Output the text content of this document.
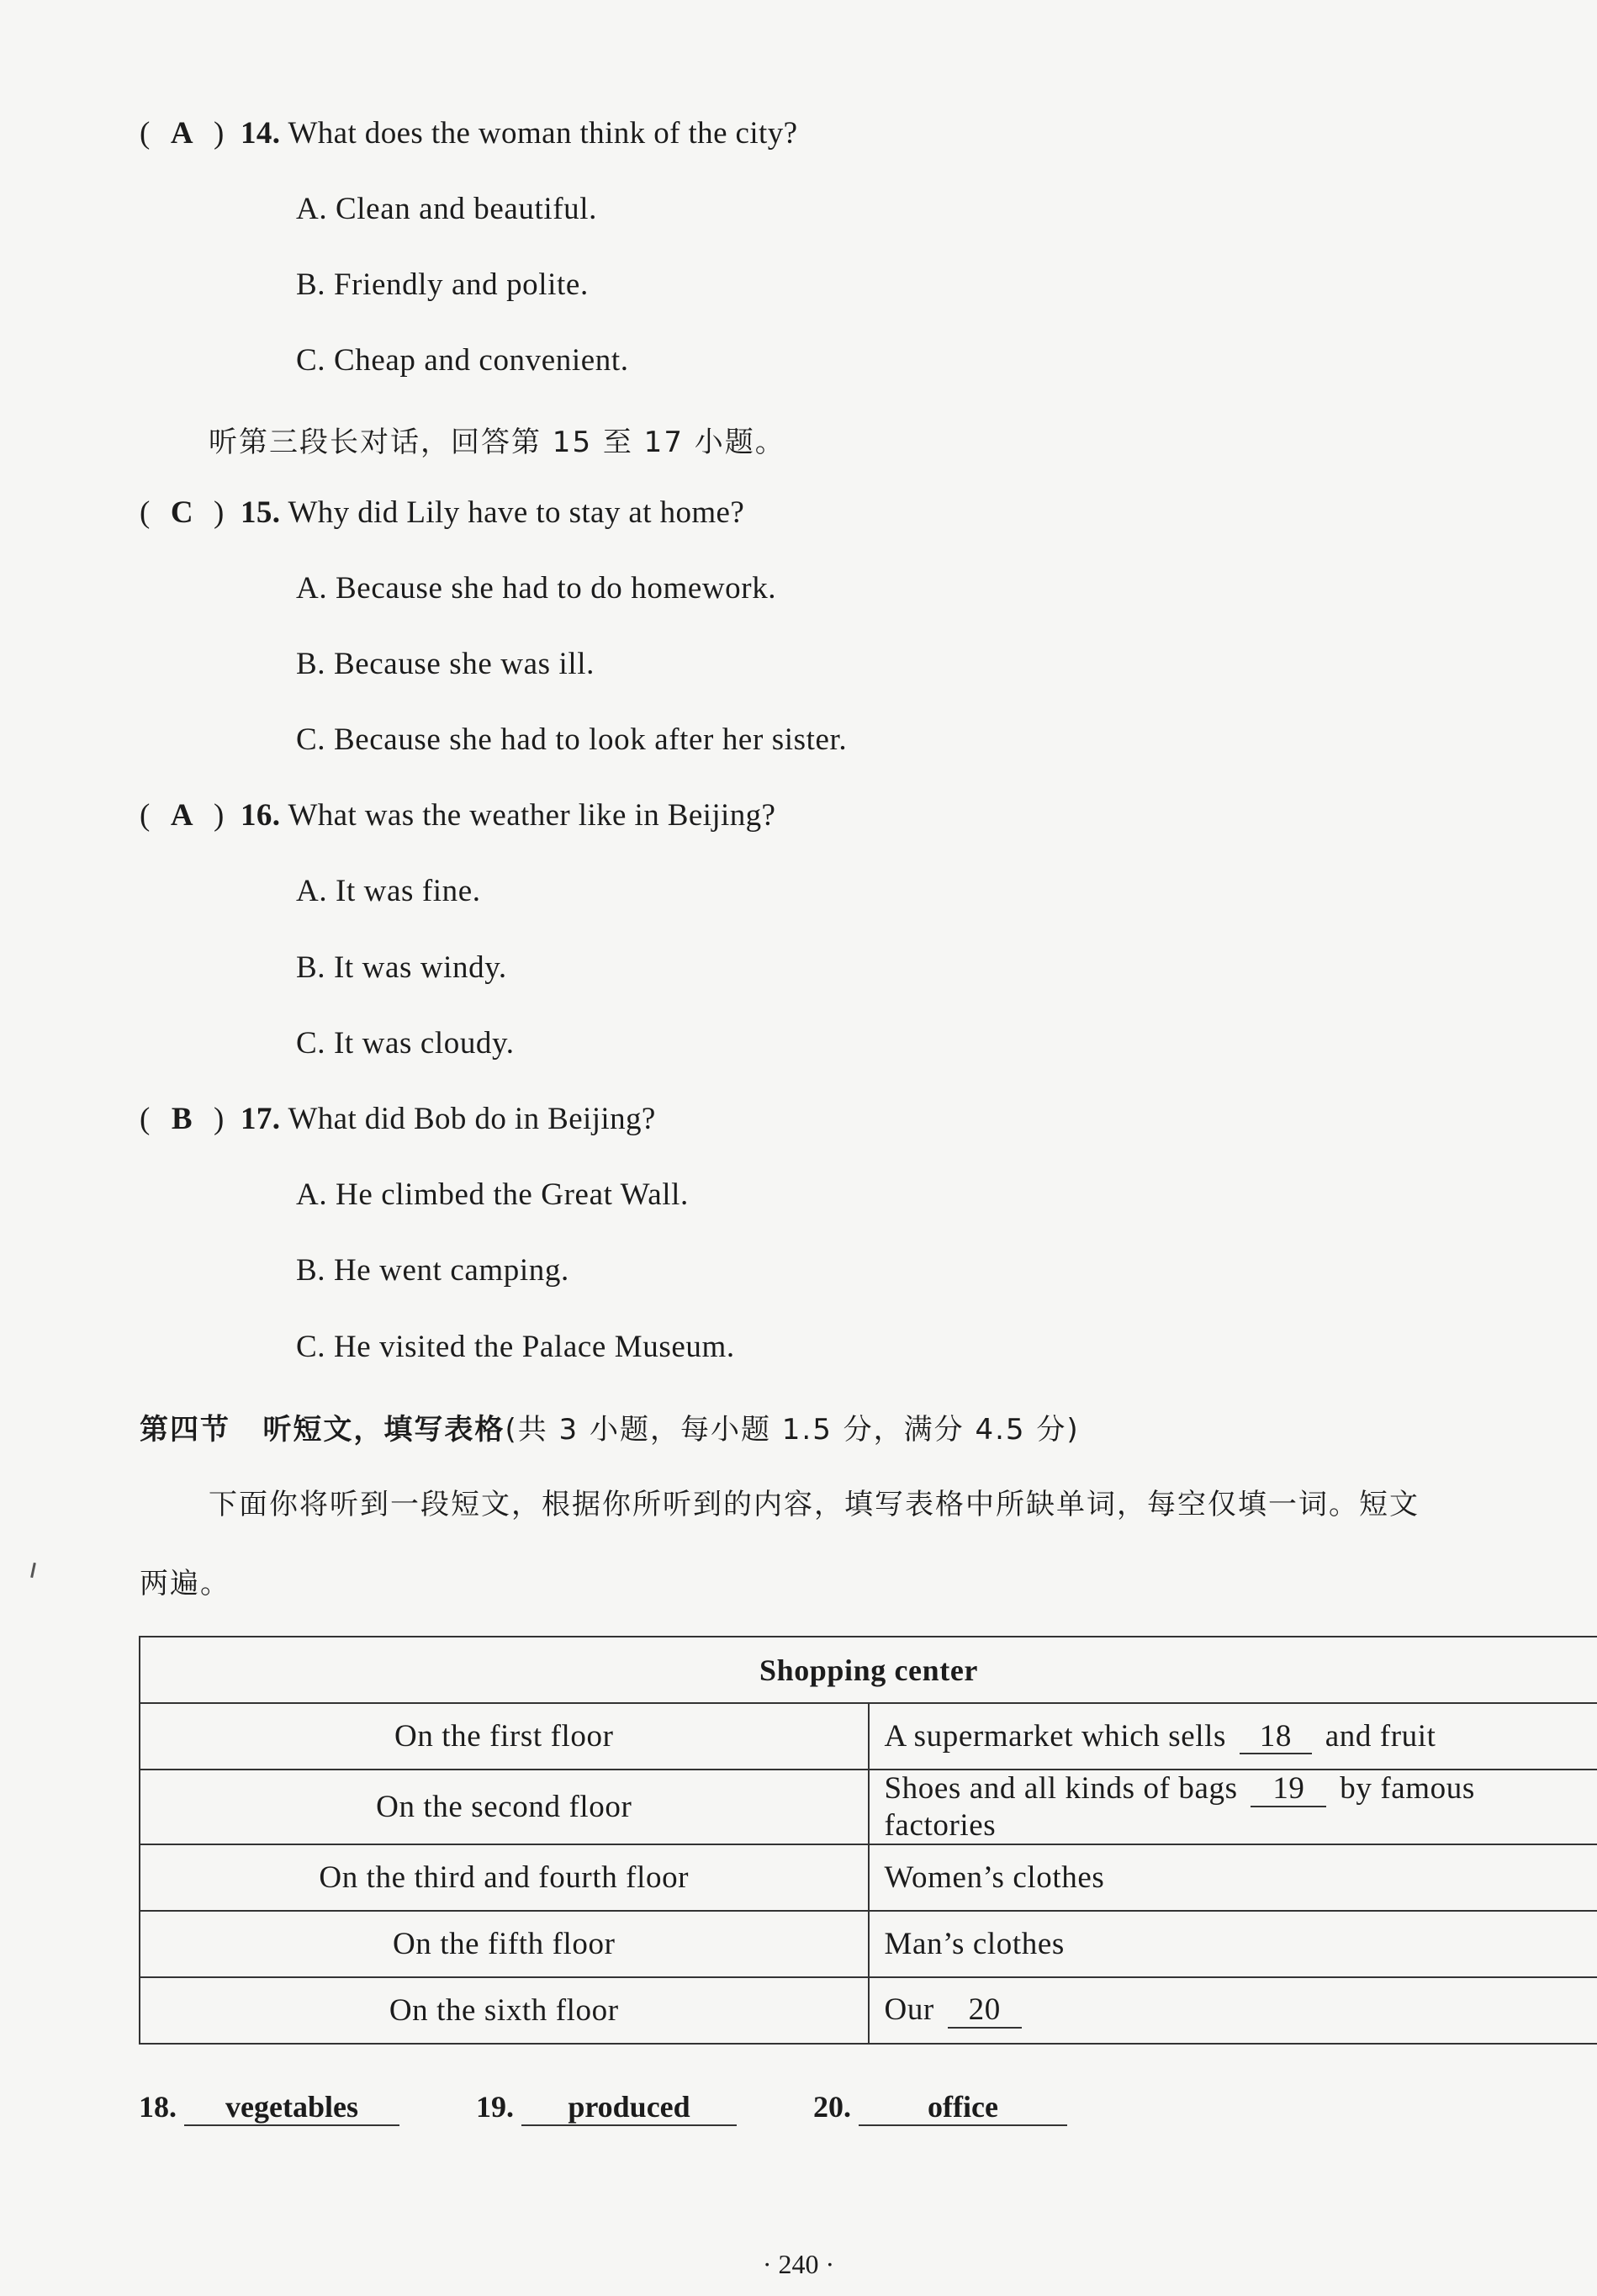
( A ) 14. What does the woman think of the city?
A. Clean and beautiful.
B. Friendly and polite.
C. Cheap and convenient.
听第三段长对话，回答第 15 至 17 小题。
( C ) 15. Why did Lily have to stay at home?
A. Because she had to do homework.
B. Because she was ill.
C. Because she had to look after her sister.
( A ) 16. What was the weather like in Beijing?
A. It was fine.
B. It was windy.
C. It was cloudy.
( B ) 17. What did Bob do in Beijing?
A. He climbed the Great Wall.
B. He went camping.
C. He visited the Palace Museum.
第四节 听短文，填写表格(共 3 小题，每小题 1.5 分，满分 4.5 分)
下面你将听到一段短文，根据你所听到的内容，填写表格中所缺单词，每空仅填一词。短文
两遍。
Shopping center	
On the first floor	A supermarket which sells 18 and fruit
On the second floor	Shoes and all kinds of bags 19 by famous factories
On the third and fourth floor	Women’s clothes
On the fifth floor	Man’s clothes
On the sixth floor	Our 20
18. vegetables	19. produced	20.	office
· 240 ·
